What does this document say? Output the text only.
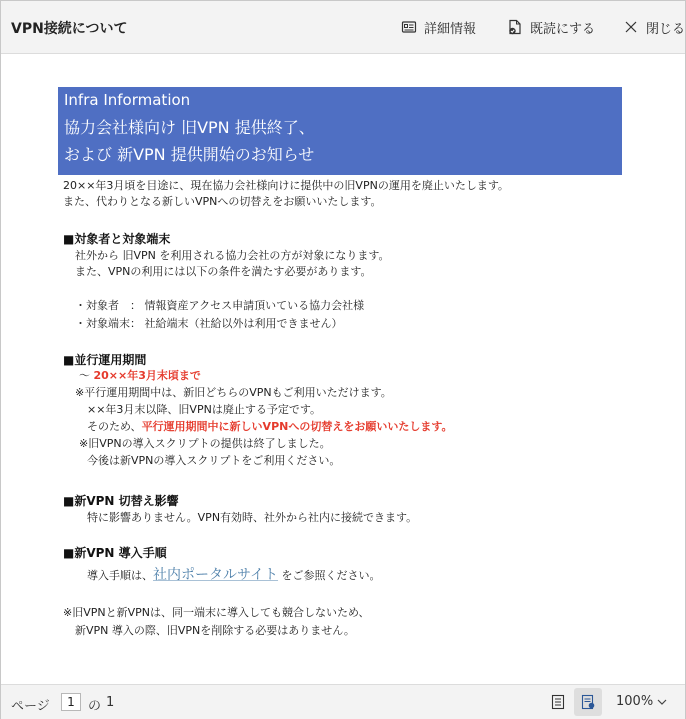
VPN接続について	詳細情報	既読にする	閉じる
Infra Information
協力会社様向け 旧VPN 提供終了、
および 新VPN 提供開始のお知らせ
20××年3月頃を目途に、現在協力会社様向けに提供中の旧VPNの運用を廃止いたします。
また、代わりとなる新しいVPNへの切替えをお願いいたします。
■対象者と対象端末
社外から 旧VPN を利用される協力会社の方が対象になります。
また、VPNの利用には以下の条件を満たす必要があります。
・対象者　： 情報資産アクセス申請頂いている協力会社様
・対象端末： 社給端末（社給以外は利用できません）
■並行運用期間
～ 20××年3月末頃まで
※平行運用期間中は、新旧どちらのVPNもご利用いただけます。
××年3月末以降、旧VPNは廃止する予定です。
そのため、平行運用期間中に新しいVPNへの切替えをお願いいたします。
※旧VPNの導入スクリプトの提供は終了しました。
今後は新VPNの導入スクリプトをご利用ください。
■新VPN 切替え影響
特に影響ありません。VPN有効時、社外から社内に接続できます。
■新VPN 導入手順
導入手順は、社内ポータルサイト をご参照ください。
※旧VPNと新VPNは、同一端末に導入しても競合しないため、
新VPN 導入の際、旧VPNを削除する必要はありません。
ページ	1	の 1	100%
